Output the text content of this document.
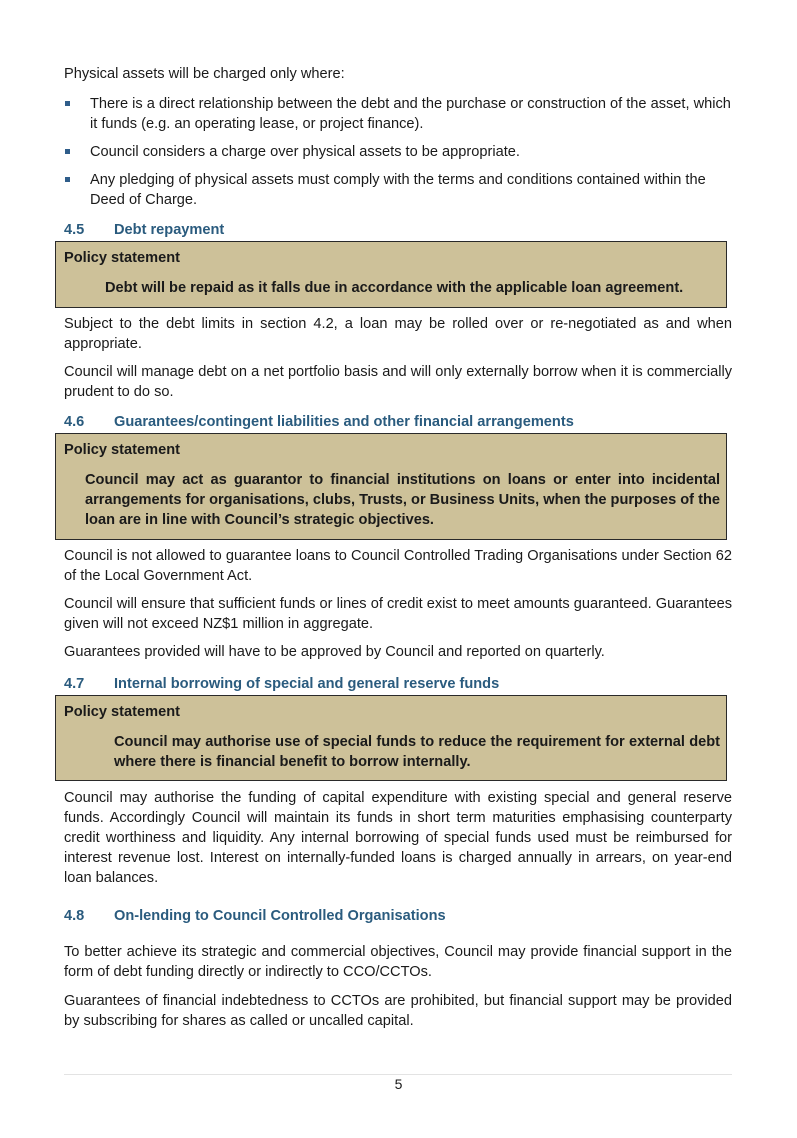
Physical assets will be charged only where:

There is a direct relationship between the debt and the purchase or construction of the asset, which it funds (e.g. an operating lease, or project finance).
Council considers a charge over physical assets to be appropriate.
Any pledging of physical assets must comply with the terms and conditions contained within the Deed of Charge.
4.5 Debt repayment
Policy statement
Debt will be repaid as it falls due in accordance with the applicable loan agreement.

Subject to the debt limits in section 4.2, a loan may be rolled over or re-negotiated as and when appropriate.

Council will manage debt on a net portfolio basis and will only externally borrow when it is commercially prudent to do so.

4.6 Guarantees/contingent liabilities and other financial arrangements
Policy statement
Council may act as guarantor to financial institutions on loans or enter into incidental arrangements for organisations, clubs, Trusts, or Business Units, when the purposes of the loan are in line with Council’s strategic objectives.

Council is not allowed to guarantee loans to Council Controlled Trading Organisations under Section 62 of the Local Government Act.

Council will ensure that sufficient funds or lines of credit exist to meet amounts guaranteed. Guarantees given will not exceed NZ$1 million in aggregate.

Guarantees provided will have to be approved by Council and reported on quarterly.

4.7 Internal borrowing of special and general reserve funds
Policy statement
Council may authorise use of special funds to reduce the requirement for external debt where there is financial benefit to borrow internally.

Council may authorise the funding of capital expenditure with existing special and general reserve funds. Accordingly Council will maintain its funds in short term maturities emphasising counterparty credit worthiness and liquidity. Any internal borrowing of special funds used must be reimbursed for interest revenue lost. Interest on internally-funded loans is charged annually in arrears, on year-end loan balances.

4.8 On-lending to Council Controlled Organisations

To better achieve its strategic and commercial objectives, Council may provide financial support in the form of debt funding directly or indirectly to CCO/CCTOs.

Guarantees of financial indebtedness to CCTOs are prohibited, but financial support may be provided by subscribing for shares as called or uncalled capital.

5
